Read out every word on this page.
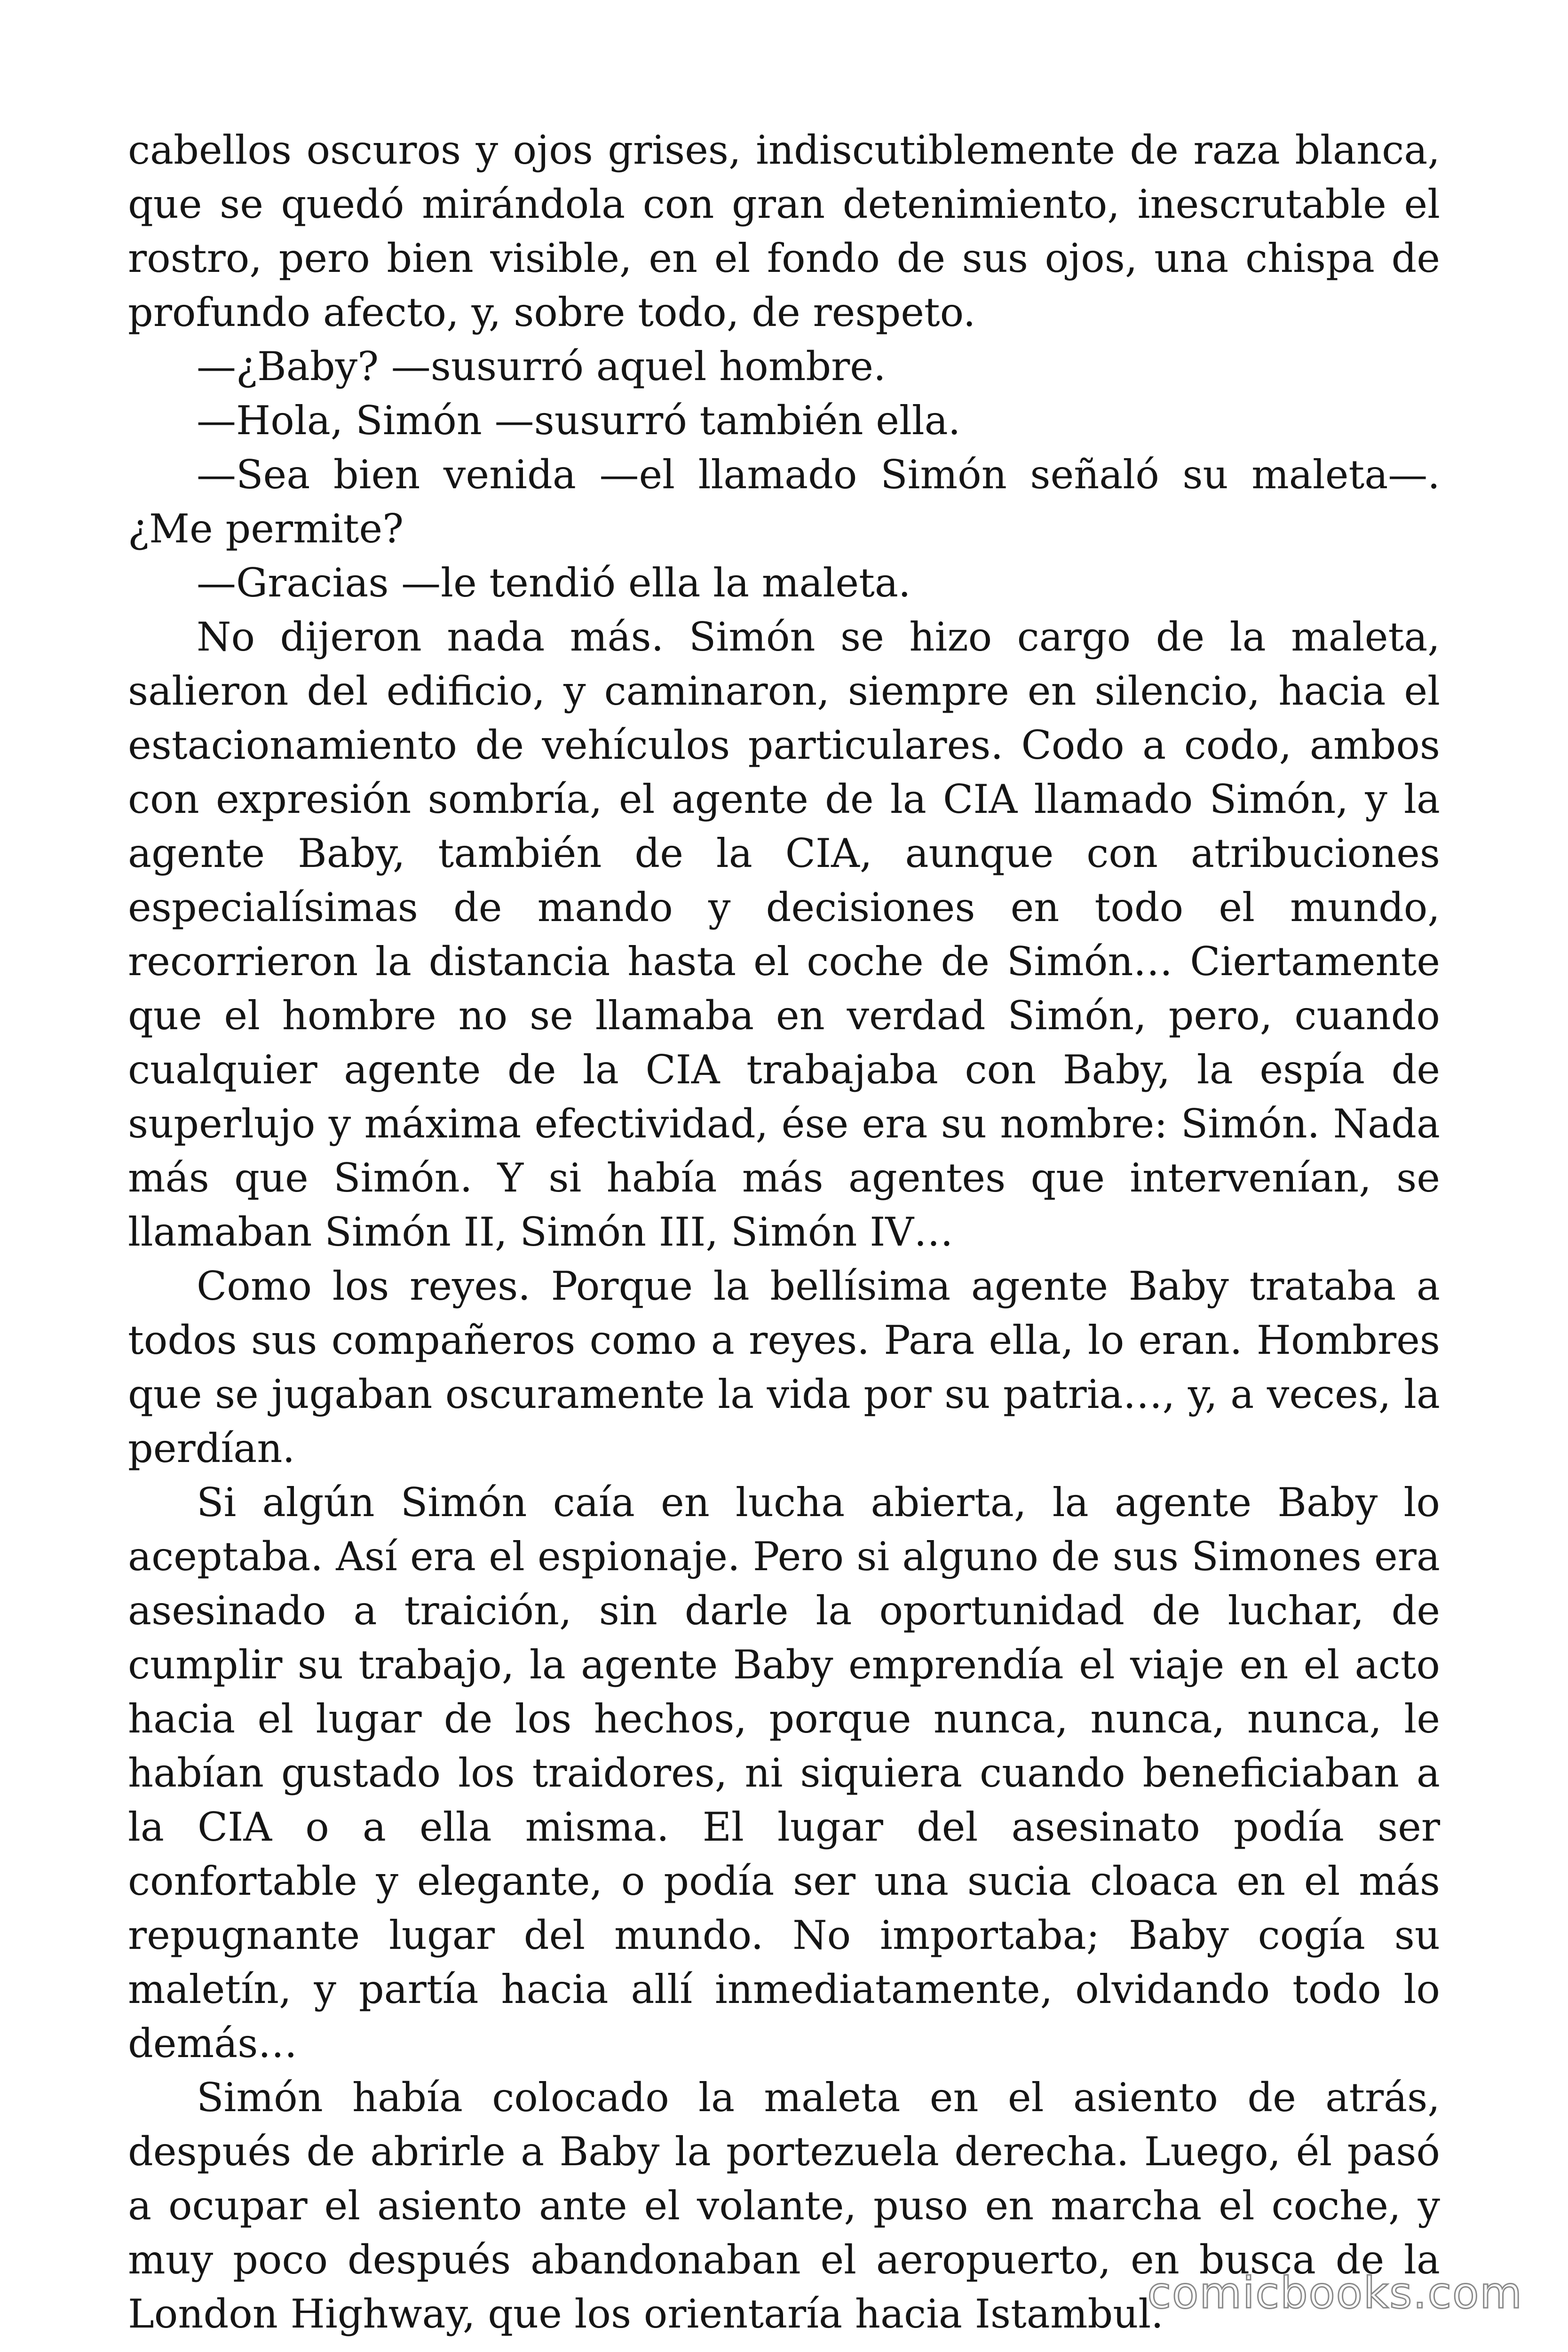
cabellos oscuros y ojos grises, indiscutiblemente de raza blanca, que se quedó mirándola con gran detenimiento, inescrutable el rostro, pero bien visible, en el fondo de sus ojos, una chispa de profundo afecto, y, sobre todo, de respeto.

—¿Baby? —susurró aquel hombre.

—Hola, Simón —susurró también ella.

—Sea bien venida —el llamado Simón señaló su maleta—. ¿Me permite?

—Gracias —le tendió ella la maleta.

No dijeron nada más. Simón se hizo cargo de la maleta, salieron del edificio, y caminaron, siempre en silencio, hacia el estacionamiento de vehículos particulares. Codo a codo, ambos con expresión sombría, el agente de la CIA llamado Simón, y la agente Baby, también de la CIA, aunque con atribuciones especialísimas de mando y decisiones en todo el mundo, recorrieron la distancia hasta el coche de Simón… Ciertamente que el hombre no se llamaba en verdad Simón, pero, cuando cualquier agente de la CIA trabajaba con Baby, la espía de superlujo y máxima efectividad, ése era su nombre: Simón. Nada más que Simón. Y si había más agentes que intervenían, se llamaban Simón II, Simón III, Simón IV…

Como los reyes. Porque la bellísima agente Baby trataba a todos sus compañeros como a reyes. Para ella, lo eran. Hombres que se jugaban oscuramente la vida por su patria…, y, a veces, la perdían.

Si algún Simón caía en lucha abierta, la agente Baby lo aceptaba. Así era el espionaje. Pero si alguno de sus Simones era asesinado a traición, sin darle la oportunidad de luchar, de cumplir su trabajo, la agente Baby emprendía el viaje en el acto hacia el lugar de los hechos, porque nunca, nunca, nunca, le habían gustado los traidores, ni siquiera cuando beneficiaban a la CIA o a ella misma. El lugar del asesinato podía ser confortable y elegante, o podía ser una sucia cloaca en el más repugnante lugar del mundo. No importaba; Baby cogía su maletín, y partía hacia allí inmediatamente, olvidando todo lo demás…

Simón había colocado la maleta en el asiento de atrás, después de abrirle a Baby la portezuela derecha. Luego, él pasó a ocupar el asiento ante el volante, puso en marcha el coche, y muy poco después abandonaban el aeropuerto, en busca de la London Highway, que los orientaría hacia Istambul.

comicbooks.com
